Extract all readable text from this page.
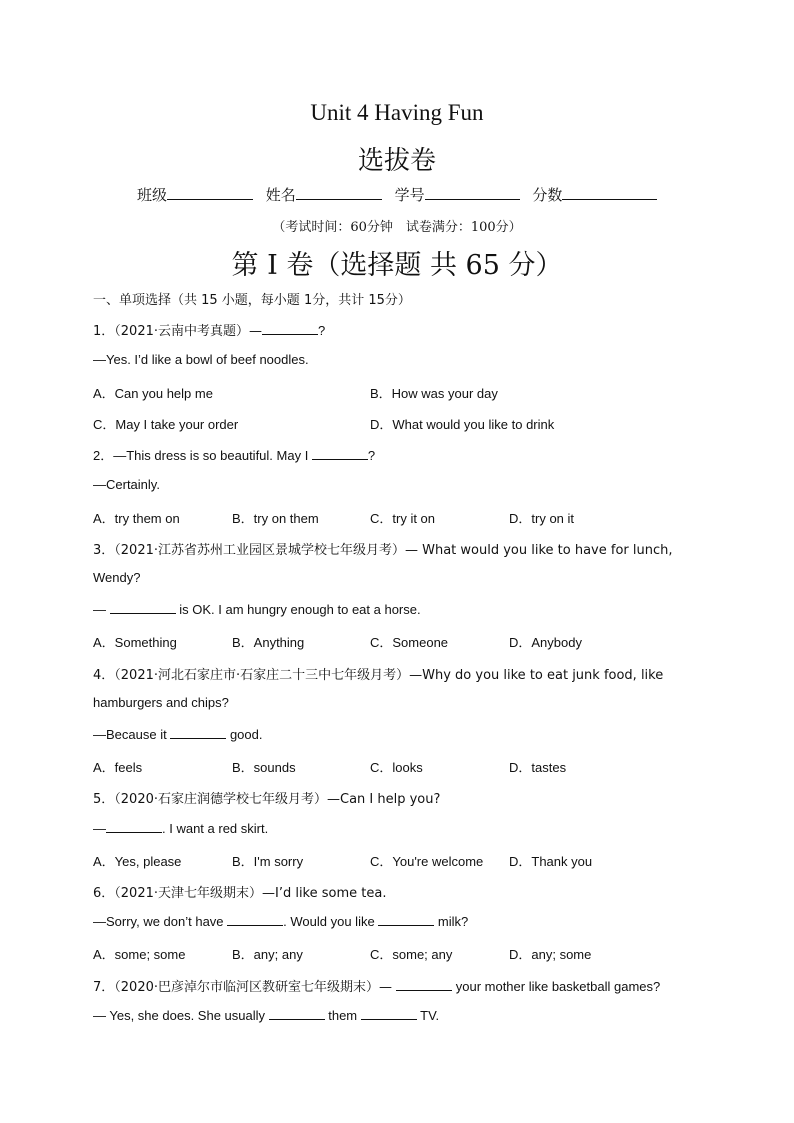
Unit 4 Having Fun
选拔卷
班级	姓名	学号	分数
（考试时间：60分钟　试卷满分：100分）
第 I 卷（选择题 共 65 分）
一、单项选择（共 15 小题，每小题 1分，共计 15分）
1．（2021·云南中考真题）—	?
—Yes. I’d like a bowl of beef noodles.
A．Can you help me	B．How was your day
C．May I take your order	D．What would you like to drink
2．—This dress is so beautiful. May I	?
—Certainly.
A．try them on	B．try on them	C．try it on	D．try on it
3．（2021·江苏省苏州工业园区景城学校七年级月考）— What would you like to have for lunch,
Wendy?
—	is OK. I am hungry enough to eat a horse.
A．Something	B．Anything	C．Someone	D．Anybody
4．（2021·河北石家庄市·石家庄二十三中七年级月考）—Why do you like to eat junk food, like
hamburgers and chips?
—Because it	good.
A．feels	B．sounds	C．looks	D．tastes
5．（2020·石家庄润德学校七年级月考）—Can I help you?
—	. I want a red skirt.
A．Yes, please	B．I'm sorry	C．You're welcome D．Thank you
6．（2021·天津七年级期末）—I’d like some tea.
—Sorry, we don’t have	. Would you like	milk?
A．some; some	B．any; any	C．some; any	D．any; some
7．（2020·巴彦淖尔市临河区教研室七年级期末）—	your mother like basketball games?
— Yes, she does. She usually	them	TV.
